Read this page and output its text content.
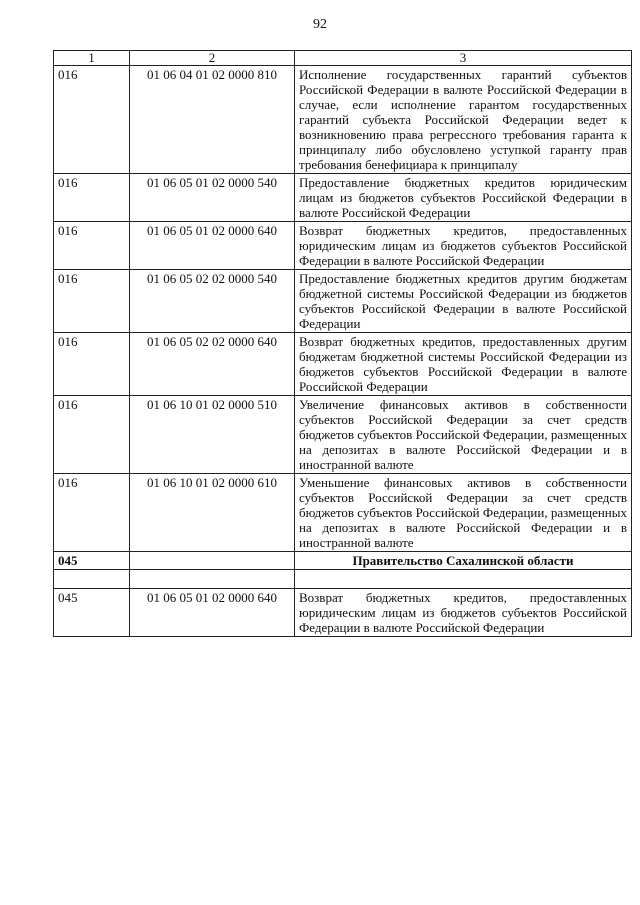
92
1	2	3
016	01 06 04 01 02 0000 810	Исполнение государственных гарантий субъектов Российской Федерации в валюте Российской Федерации в случае, если исполнение гарантом государственных гарантий субъекта Российской Федерации ведет к возникновению права регрессного требования гаранта к принципалу либо обусловлено уступкой гаранту прав требования бенефициара к принципалу
016	01 06 05 01 02 0000 540	Предоставление бюджетных кредитов юридическим лицам из бюджетов субъектов Российской Федерации в валюте Российской Федерации
016	01 06 05 01 02 0000 640	Возврат бюджетных кредитов, предоставленных юридическим лицам из бюджетов субъектов Российской Федерации в валюте Российской Федерации
016	01 06 05 02 02 0000 540	Предоставление бюджетных кредитов другим бюджетам бюджетной системы Российской Федерации из бюджетов субъектов Российской Федерации в валюте Российской Федерации
016	01 06 05 02 02 0000 640	Возврат бюджетных кредитов, предоставленных другим бюджетам бюджетной системы Российской Федерации из бюджетов субъектов Российской Федерации в валюте Российской Федерации
016	01 06 10 01 02 0000 510	Увеличение финансовых активов в собственности субъектов Российской Федерации за счет средств бюджетов субъектов Российской Федерации, размещенных на депозитах в валюте Российской Федерации и в иностранной валюте
016	01 06 10 01 02 0000 610	Уменьшение финансовых активов в собственности субъектов Российской Федерации за счет средств бюджетов субъектов Российской Федерации, размещенных на депозитах в валюте Российской Федерации и в иностранной валюте
045		Правительство Сахалинской области

045	01 06 05 01 02 0000 640	Возврат бюджетных кредитов, предоставленных юридическим лицам из бюджетов субъектов Российской Федерации в валюте Российской Федерации
